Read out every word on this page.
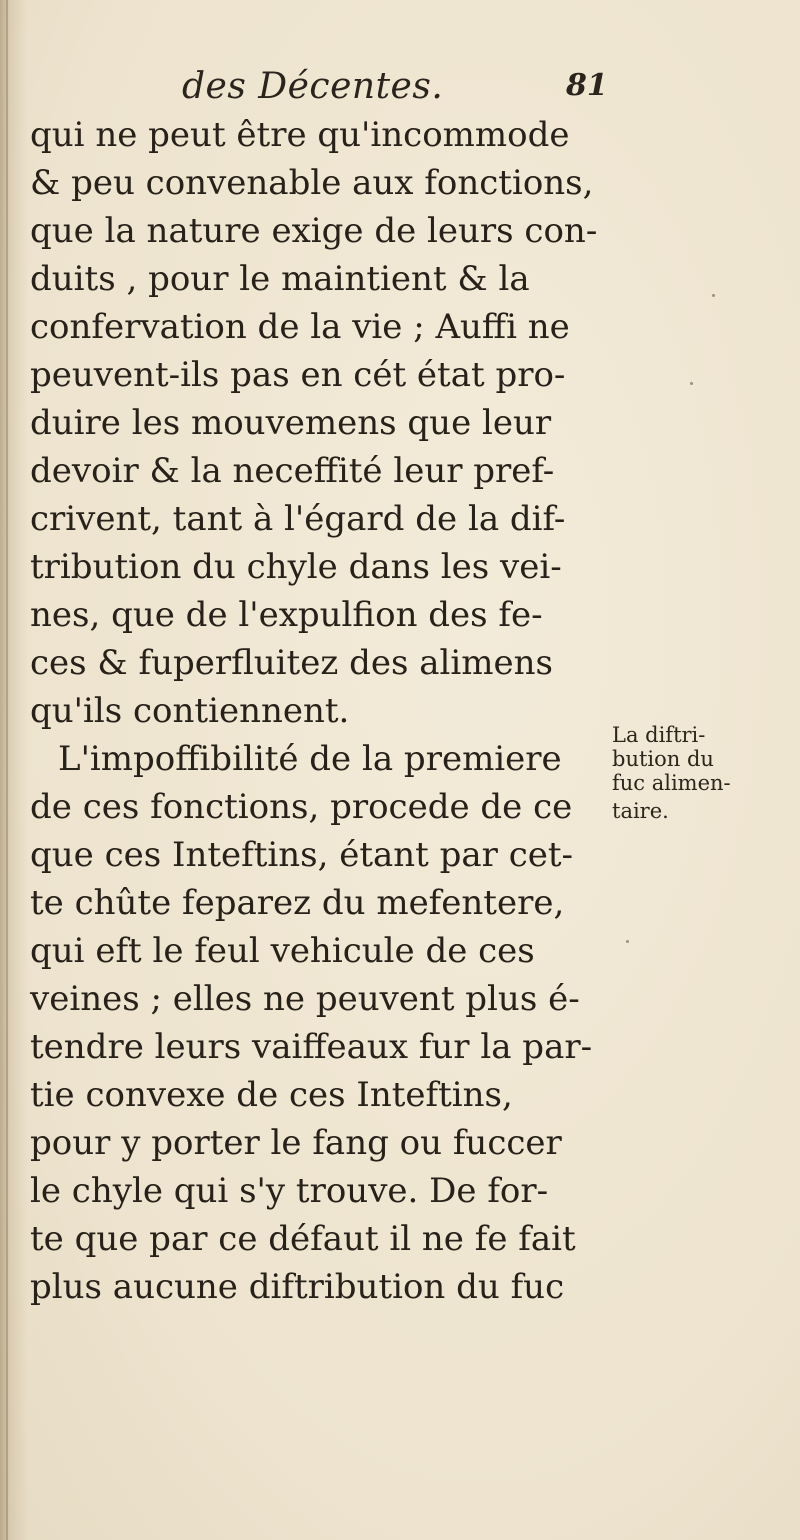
des Décentes.	81
qui ne peut être qu'incommode
& peu convenable aux fonctions,
que la nature exige de leurs con-
duits , pour le maintient & la
confervation de la vie ; Auffi ne
peuvent-ils pas en cét état pro-
duire les mouvemens que leur
devoir & la neceffité leur pref-
crivent, tant à l'égard de la dif-
tribution du chyle dans les vei-
nes, que de l'expulfion des fe-
ces & fuperfluitez des alimens
qu'ils contiennent.
L'impoffibilité de la premiere
de ces fonctions, procede de ce
que ces Inteftins, étant par cet-
te chûte feparez du mefentere,
qui eft le feul vehicule de ces
veines ; elles ne peuvent plus é-
tendre leurs vaiffeaux fur la par-
tie convexe de ces Inteftins,
pour y porter le fang ou fuccer
le chyle qui s'y trouve. De for-
te que par ce défaut il ne fe fait
plus aucune diftribution du fuc
La diftri-
bution du
fuc alimen-
taire.
